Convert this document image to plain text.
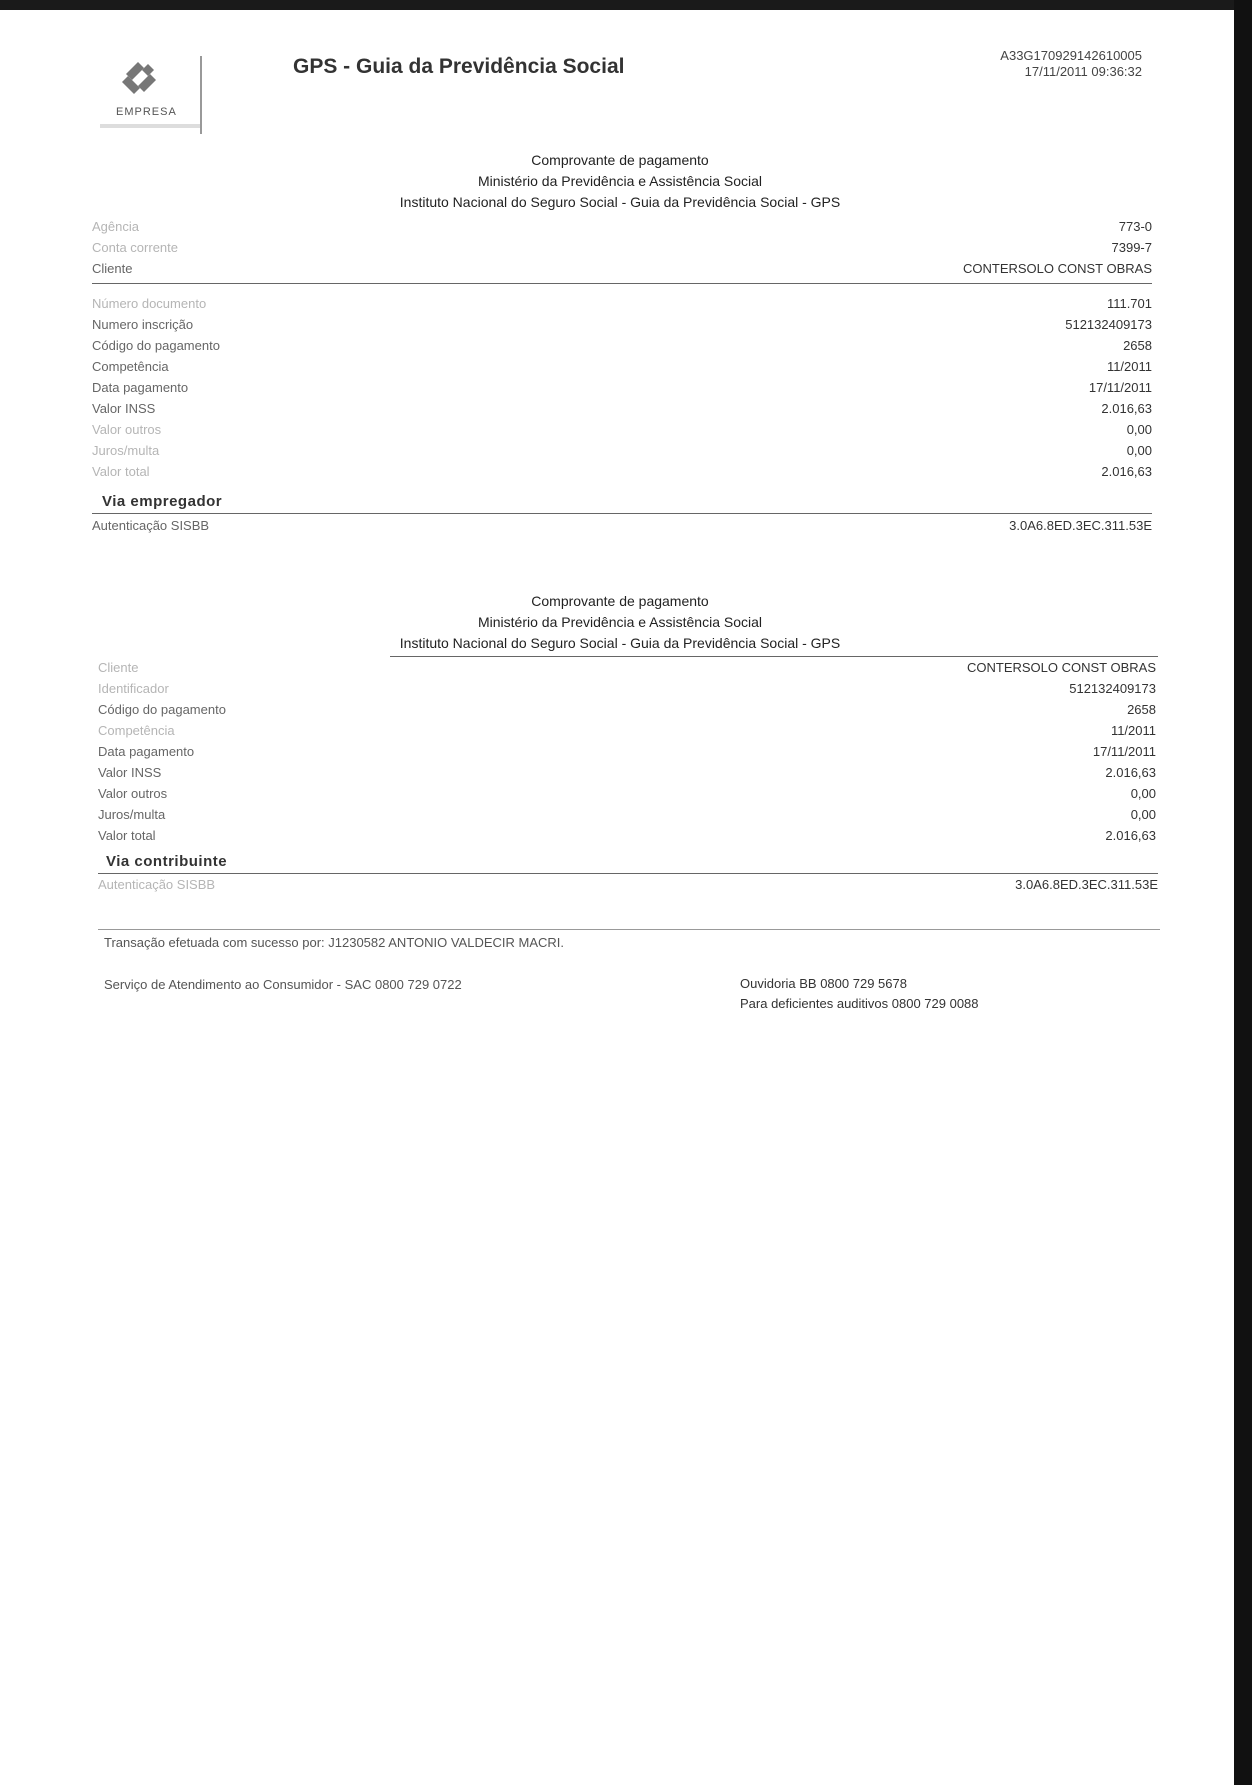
EMPRESA
GPS - Guia da Previdência Social	A33G170929142610005
17/11/2011 09:36:32
Comprovante de pagamento
Ministério da Previdência e Assistência Social
Instituto Nacional do Seguro Social - Guia da Previdência Social - GPS
Agência	773-0
Conta corrente	7399-7
Cliente	CONTERSOLO CONST OBRAS
Número documento	111.701
Numero inscrição	512132409173
Código do pagamento	2658
Competência	11/2011
Data pagamento	17/11/2011
Valor INSS	2.016,63
Valor outros	0,00
Juros/multa	0,00
Valor total	2.016,63
Via empregador
Autenticação SISBB	3.0A6.8ED.3EC.311.53E
Comprovante de pagamento
Ministério da Previdência e Assistência Social
Instituto Nacional do Seguro Social - Guia da Previdência Social - GPS
Cliente	CONTERSOLO CONST OBRAS
Identificador	512132409173
Código do pagamento	2658
Competência	11/2011
Data pagamento	17/11/2011
Valor INSS	2.016,63
Valor outros	0,00
Juros/multa	0,00
Valor total	2.016,63
Via contribuinte
Autenticação SISBB	3.0A6.8ED.3EC.311.53E
Transação efetuada com sucesso por: J1230582 ANTONIO VALDECIR MACRI.
Serviço de Atendimento ao Consumidor - SAC 0800 729 0722	Ouvidoria BB 0800 729 5678
Para deficientes auditivos 0800 729 0088
